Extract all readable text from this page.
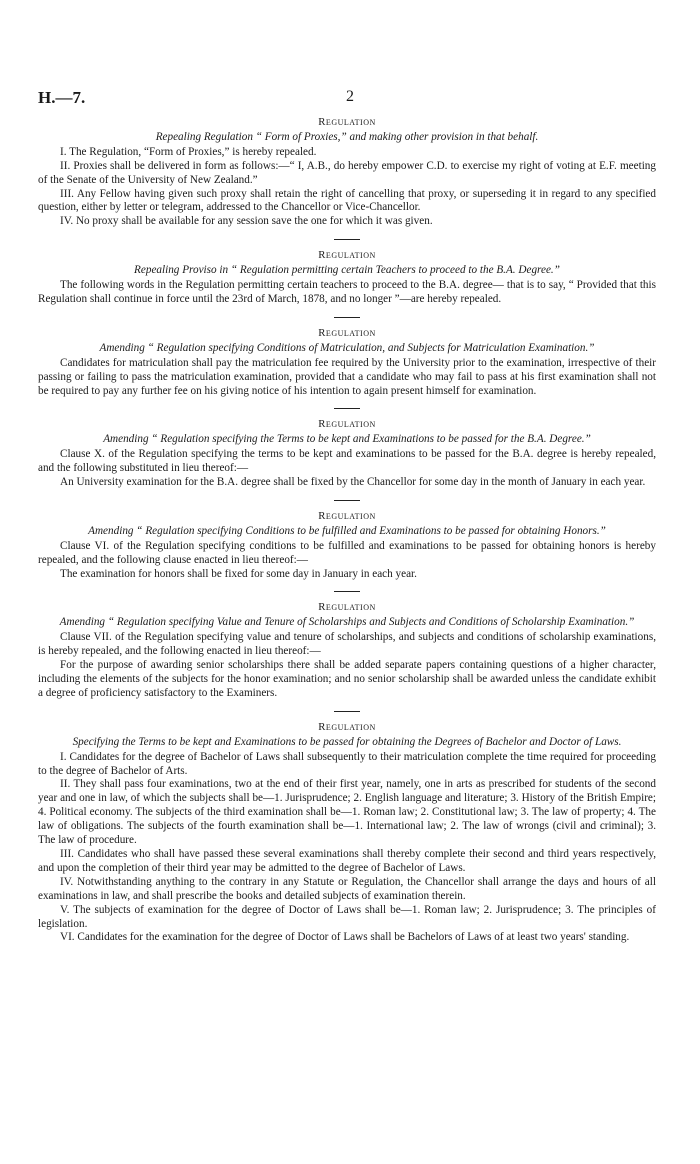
H.—7.	2
Regulation
Repealing Regulation “ Form of Proxies,” and making other provision in that behalf.

I. The Regulation, “Form of Proxies,” is hereby repealed.

II. Proxies shall be delivered in form as follows:—“ I, A.B., do hereby empower C.D. to exercise my right of voting at E.F. meeting of the Senate of the University of New Zealand.”

III. Any Fellow having given such proxy shall retain the right of cancelling that proxy, or superseding it in regard to any specified question, either by letter or telegram, addressed to the Chancellor or Vice-Chancellor.

IV. No proxy shall be available for any session save the one for which it was given.

Regulation
Repealing Proviso in “ Regulation permitting certain Teachers to proceed to the B.A. Degree.”

The following words in the Regulation permitting certain teachers to proceed to the B.A. degree— that is to say, “ Provided that this Regulation shall continue in force until the 23rd of March, 1878, and no longer ”—are hereby repealed.

Regulation
Amending “ Regulation specifying Conditions of Matriculation, and Subjects for Matriculation Examination.”

Candidates for matriculation shall pay the matriculation fee required by the University prior to the examination, irrespective of their passing or failing to pass the matriculation examination, provided that a candidate who may fail to pass at his first examination shall not be required to pay any further fee on his giving notice of his intention to again present himself for examination.

Regulation
Amending “ Regulation specifying the Terms to be kept and Examinations to be passed for the B.A. Degree.”

Clause X. of the Regulation specifying the terms to be kept and examinations to be passed for the B.A. degree is hereby repealed, and the following substituted in lieu thereof:—

An University examination for the B.A. degree shall be fixed by the Chancellor for some day in the month of January in each year.

Regulation
Amending “ Regulation specifying Conditions to be fulfilled and Examinations to be passed for obtaining Honors.”

Clause VI. of the Regulation specifying conditions to be fulfilled and examinations to be passed for obtaining honors is hereby repealed, and the following clause enacted in lieu thereof:—

The examination for honors shall be fixed for some day in January in each year.

Regulation
Amending “ Regulation specifying Value and Tenure of Scholarships and Subjects and Conditions of Scholarship Examination.”

Clause VII. of the Regulation specifying value and tenure of scholarships, and subjects and conditions of scholarship examinations, is hereby repealed, and the following enacted in lieu thereof:—

For the purpose of awarding senior scholarships there shall be added separate papers containing questions of a higher character, including the elements of the subjects for the honor examination; and no senior scholarship shall be awarded unless the candidate exhibit a degree of proficiency satisfactory to the Examiners.

Regulation
Specifying the Terms to be kept and Examinations to be passed for obtaining the Degrees of Bachelor and Doctor of Laws.

I. Candidates for the degree of Bachelor of Laws shall subsequently to their matriculation complete the time required for proceeding to the degree of Bachelor of Arts.

II. They shall pass four examinations, two at the end of their first year, namely, one in arts as prescribed for students of the second year and one in law, of which the subjects shall be—1. Jurisprudence; 2. English language and literature; 3. History of the British Empire; 4. Political economy. The subjects of the third examination shall be—1. Roman law; 2. Constitutional law; 3. The law of property; 4. The law of obligations. The subjects of the fourth examination shall be—1. International law; 2. The law of wrongs (civil and criminal); 3. The law of procedure.

III. Candidates who shall have passed these several examinations shall thereby complete their second and third years respectively, and upon the completion of their third year may be admitted to the degree of Bachelor of Laws.

IV. Notwithstanding anything to the contrary in any Statute or Regulation, the Chancellor shall arrange the days and hours of all examinations in law, and shall prescribe the books and detailed subjects of examination therein.

V. The subjects of examination for the degree of Doctor of Laws shall be—1. Roman law; 2. Jurisprudence; 3. The principles of legislation.

VI. Candidates for the examination for the degree of Doctor of Laws shall be Bachelors of Laws of at least two years' standing.
